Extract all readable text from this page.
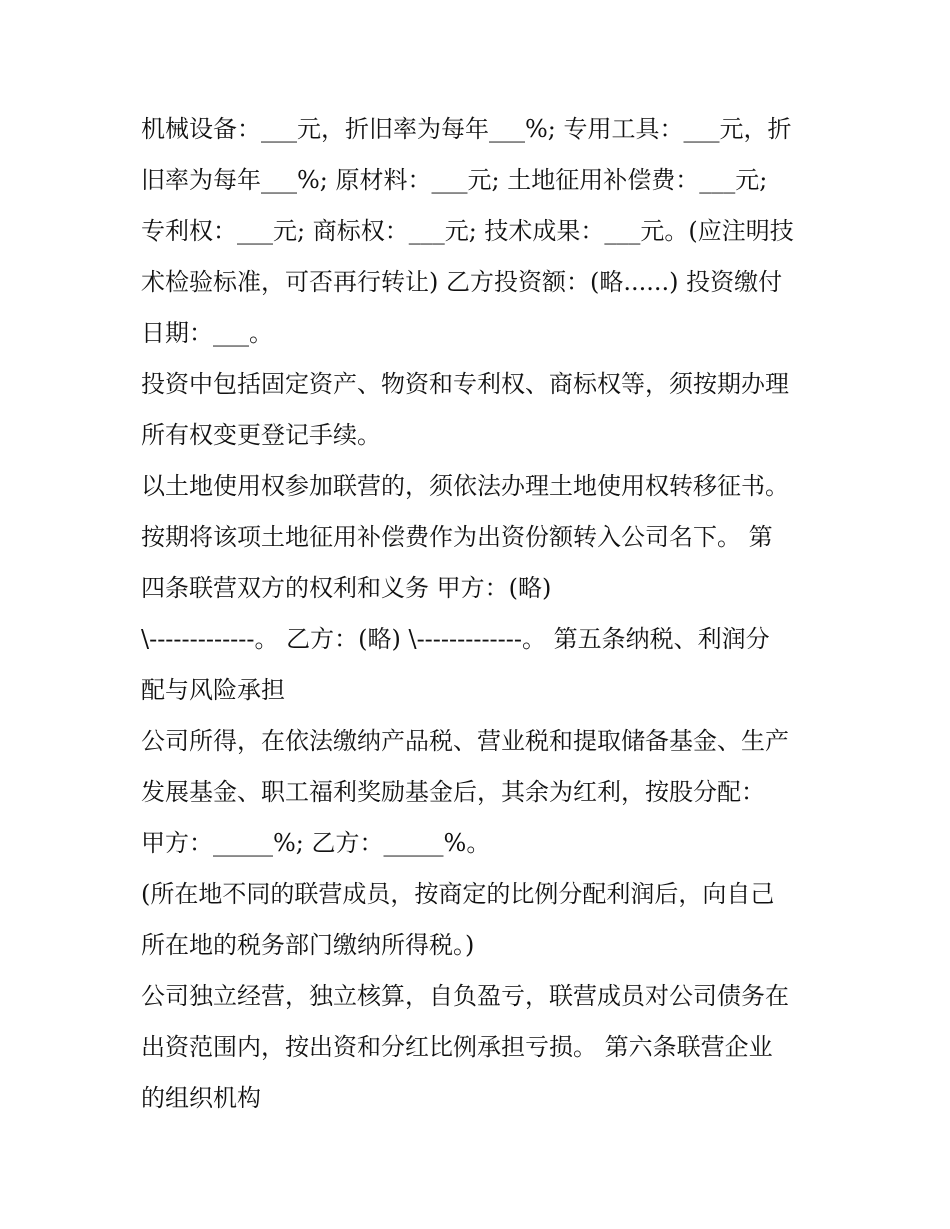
机械设备：___元，折旧率为每年___%; 专用工具：___元，折
旧率为每年___%; 原材料：___元; 土地征用补偿费：___元;
专利权：___元; 商标权：___元; 技术成果：___元。(应注明技
术检验标准，可否再行转让) 乙方投资额：(略......) 投资缴付
日期：___。
投资中包括固定资产、物资和专利权、商标权等，须按期办理
所有权变更登记手续。
以土地使用权参加联营的，须依法办理土地使用权转移征书。
按期将该项土地征用补偿费作为出资份额转入公司名下。 第
四条联营双方的权利和义务 甲方：(略)
\-------------。 乙方：(略) \-------------。 第五条纳税、利润分
配与风险承担
公司所得，在依法缴纳产品税、营业税和提取储备基金、生产
发展基金、职工福利奖励基金后，其余为红利，按股分配：
甲方：_____%; 乙方：_____%。
(所在地不同的联营成员，按商定的比例分配利润后，向自己
所在地的税务部门缴纳所得税。)
公司独立经营，独立核算，自负盈亏，联营成员对公司债务在
出资范围内，按出资和分红比例承担亏损。 第六条联营企业
的组织机构
